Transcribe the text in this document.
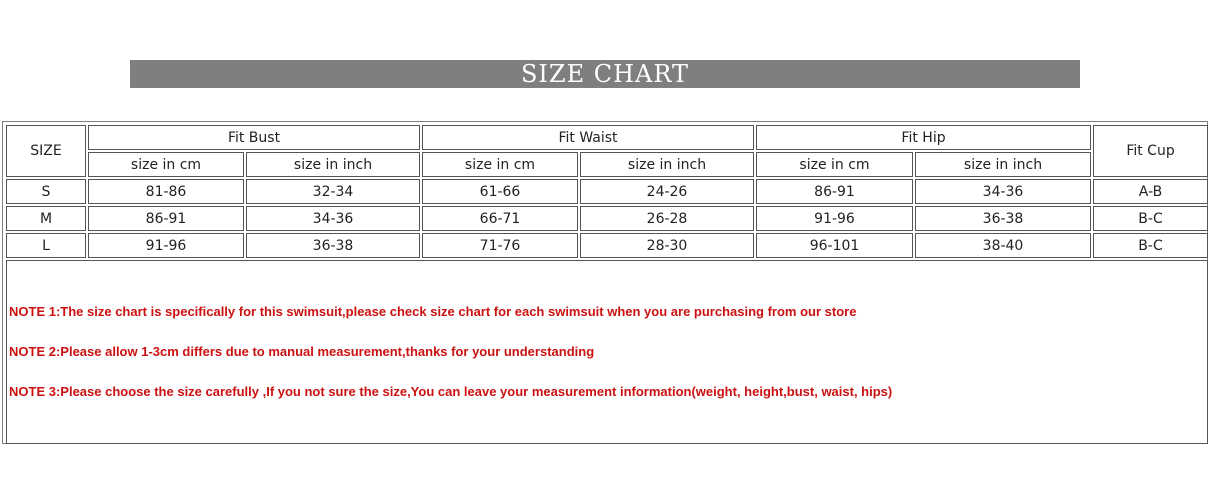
SIZE CHART
SIZE	Fit Bust		Fit Waist		Fit Hip		Fit Cup
	size in cm	size in inch	size in cm	size in inch	size in cm	size in inch	
S	81-86	32-34	61-66	24-26	86-91	34-36	A-B
M	86-91	34-36	66-71	26-28	91-96	36-38	B-C
L	91-96	36-38	71-76	28-30	96-101	38-40	B-C

NOTE 1:The size chart is specifically for this swimsuit,please check size chart for each swimsuit when you are purchasing from our store

NOTE 2:Please allow 1-3cm differs due to manual measurement,thanks for your understanding

NOTE 3:Please choose the size carefully ,If you not sure the size,You can leave your measurement information(weight, height,bust, waist, hips)							
